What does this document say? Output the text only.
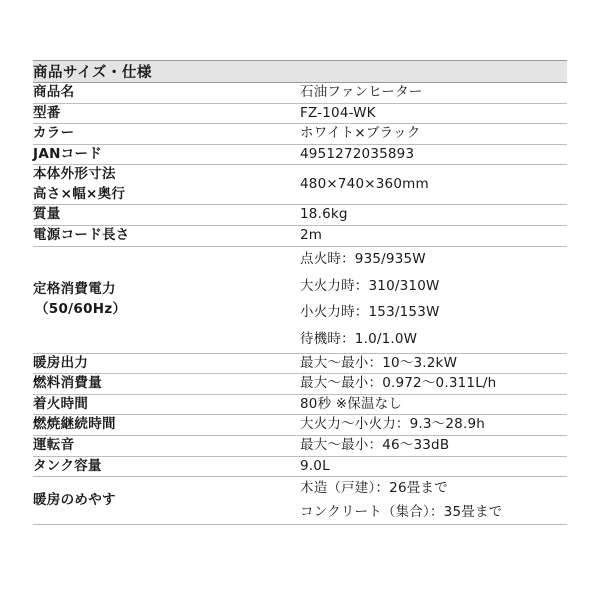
商品サイズ・仕様	
商品名	石油ファンヒーター
型番	FZ-104-WK
カラー	ホワイト×ブラック
JANコード	4951272035893

本体外形寸法
高さ×幅×奥行	480×740×360mm
質量	18.6kg
電源コード長さ	2m

定格消費電力
（50/60Hz）	点火時：935/935W
大火力時：310/310W
小火力時：153/153W
待機時：1.0/1.0W

暖房出力	最大～最小：10～3.2kW
燃料消費量	最大～最小：0.972～0.311L/h
着火時間	80秒 ※保温なし
燃焼継続時間	大火力～小火力：9.3～28.9h
運転音	最大～最小：46～33dB
タンク容量	9.0L
暖房のめやす	木造（戸建）：26畳まで
コンクリート（集合）：35畳まで
